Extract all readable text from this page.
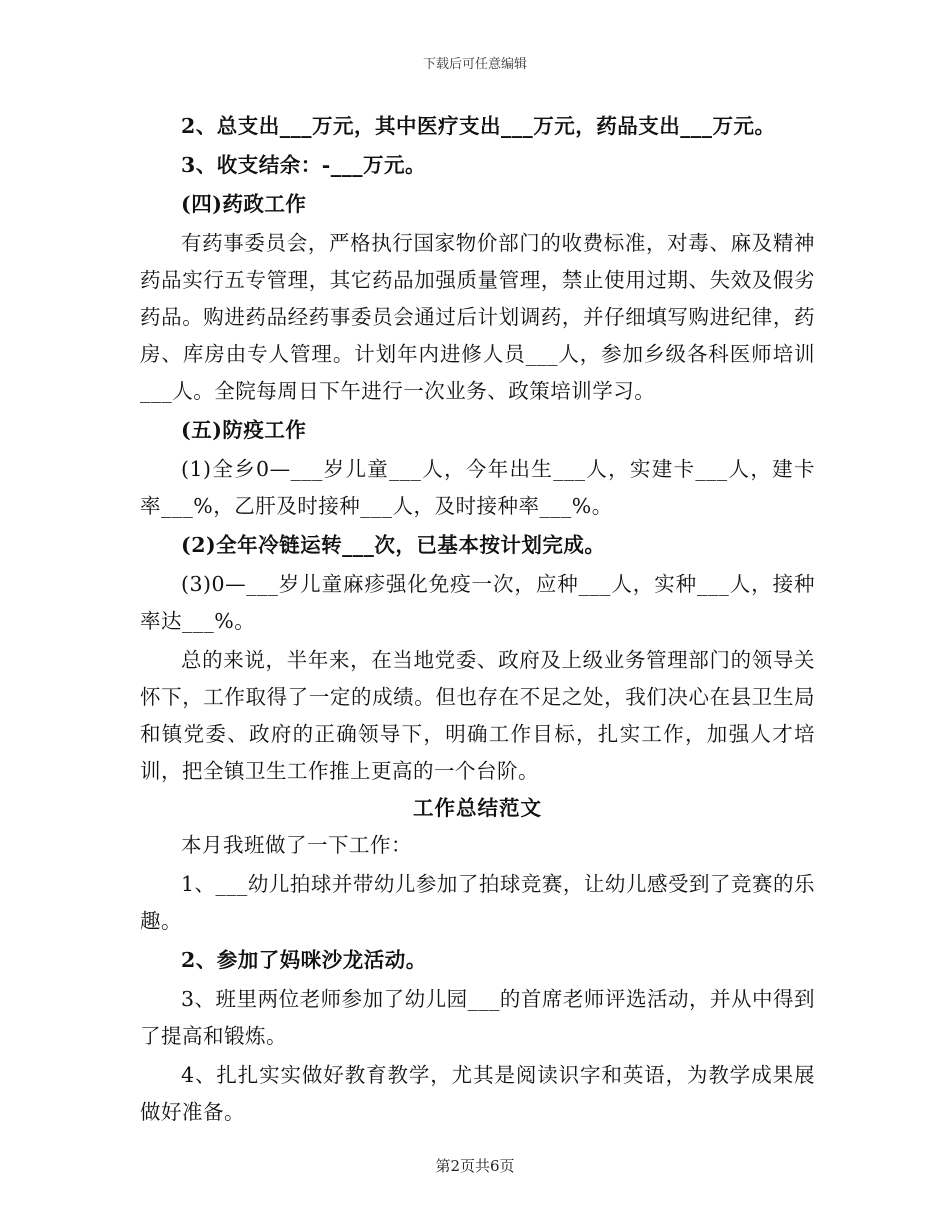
下载后可任意编辑

2、总支出___万元，其中医疗支出___万元，药品支出___万元。

3、收支结余：-___万元。

(四)药政工作

有药事委员会，严格执行国家物价部门的收费标准，对毒、麻及精神药品实行五专管理，其它药品加强质量管理，禁止使用过期、失效及假劣药品。购进药品经药事委员会通过后计划调药，并仔细填写购进纪律，药房、库房由专人管理。计划年内进修人员___人，参加乡级各科医师培训___人。全院每周日下午进行一次业务、政策培训学习。

(五)防疫工作

(1)全乡0—___岁儿童___人，今年出生___人，实建卡___人，建卡率___%，乙肝及时接种___人，及时接种率___%。

(2)全年冷链运转___次，已基本按计划完成。

(3)0—___岁儿童麻疹强化免疫一次，应种___人，实种___人，接种率达___%。

总的来说，半年来，在当地党委、政府及上级业务管理部门的领导关怀下，工作取得了一定的成绩。但也存在不足之处，我们决心在县卫生局和镇党委、政府的正确领导下，明确工作目标，扎实工作，加强人才培训，把全镇卫生工作推上更高的一个台阶。

工作总结范文

本月我班做了一下工作：

1、___幼儿拍球并带幼儿参加了拍球竞赛，让幼儿感受到了竞赛的乐趣。

2、参加了妈咪沙龙活动。

3、班里两位老师参加了幼儿园___的首席老师评选活动，并从中得到了提高和锻炼。

4、扎扎实实做好教育教学，尤其是阅读识字和英语，为教学成果展做好准备。

第2页共6页
